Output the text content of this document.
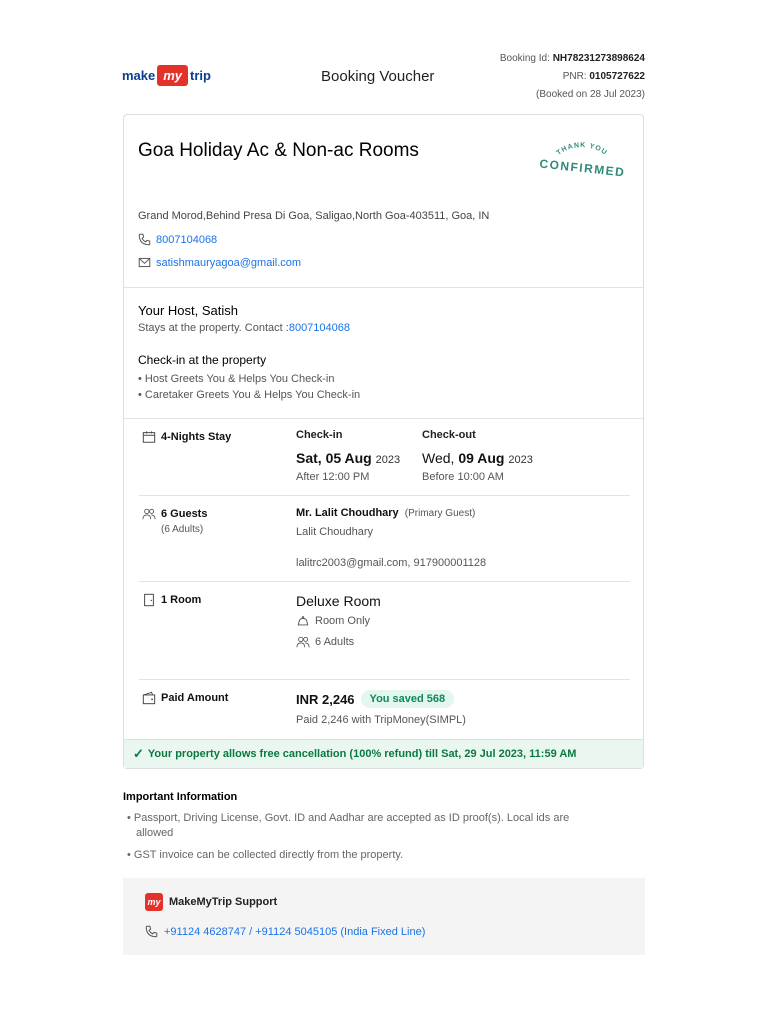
make my trip	Booking Voucher
Booking Id: NH78231273898624
PNR: 0105727622
(Booked on 28 Jul 2023)
Goa Holiday Ac & Non-ac Rooms	THANK YOU
CONFIRMED
Grand Morod,Behind Presa Di Goa, Saligao,North Goa-403511, Goa, IN
8007104068
satishmauryagoa@gmail.com
Your Host, Satish
Stays at the property. Contact :8007104068
Check-in at the property
• Host Greets You & Helps You Check-in
• Caretaker Greets You & Helps You Check-in
4-Nights Stay	Check-in
Sat, 05 Aug 2023
After 12:00 PM
Check-out
Wed, 09 Aug 2023
Before 10:00 AM
6 Guests
(6 Adults)
Mr. Lalit Choudhary (Primary Guest)
Lalit Choudhary
lalitrc2003@gmail.com, 917900001128
1 Room	Deluxe Room
Room Only
6 Adults
Paid Amount	INR 2,246	You saved 568
Paid 2,246 with TripMoney(SIMPL)
✓ Your property allows free cancellation (100% refund) till Sat, 29 Jul 2023, 11:59 AM
Important Information
• Passport, Driving License, Govt. ID and Aadhar are accepted as ID proof(s). Local ids are
allowed
• GST invoice can be collected directly from the property.
my MakeMyTrip Support
+91124 4628747 / +91124 5045105 (India Fixed Line)
